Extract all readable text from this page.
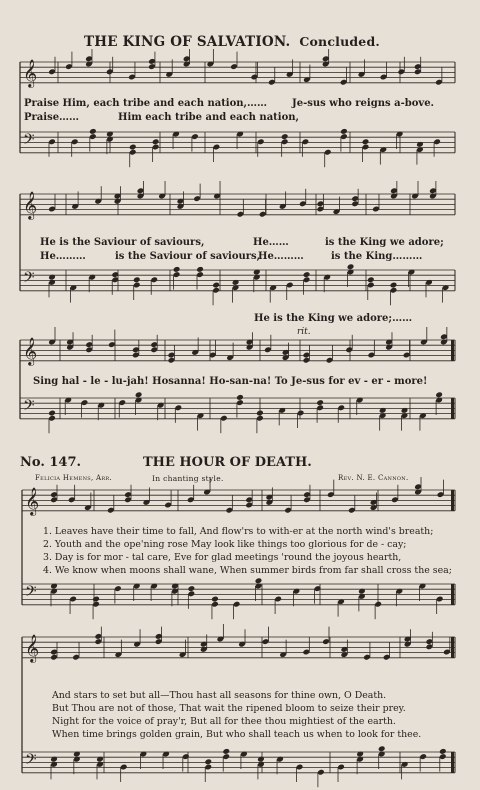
𝄞
𝄢
𝄞
𝄢
𝄞
𝄢
𝄞
𝄢
𝄞
𝄢
THE KING OF SALVATION. Concluded.
Praise Him, each tribe and each nation,…… Je-sus who reigns a-bove.
Praise……	Him each tribe and each nation,
He is the Saviour of saviours,	He……	is the King we adore;
He………	is the Saviour of saviours,
He………	is the King………
He is the King we adore;……
rit.
Sing hal - le - lu-jah! Hosanna! Ho-san-na! To Je-sus for ev - er - more!
No. 147.	THE HOUR OF DEATH.
Felicia Hemens, Arr.	In chanting style.	Rev. N. E. Cannon.
1. Leaves have their time to fall, And flow'rs to with-er at the north wind's breath;
2. Youth and the ope'ning rose May look like things too glorious for de - cay;
3. Day is for mor - tal care, Eve for glad meetings 'round the joyous hearth,
4. We know when moons shall wane, When summer birds from far shall cross the sea;
And stars to set but all—Thou hast all seasons for thine own, O Death.
But Thou are not of those, That wait the ripened bloom to seize their prey.
Night for the voice of pray'r, But all for thee thou mightiest of the earth.
When time brings golden grain, But who shall teach us when to look for thee.
